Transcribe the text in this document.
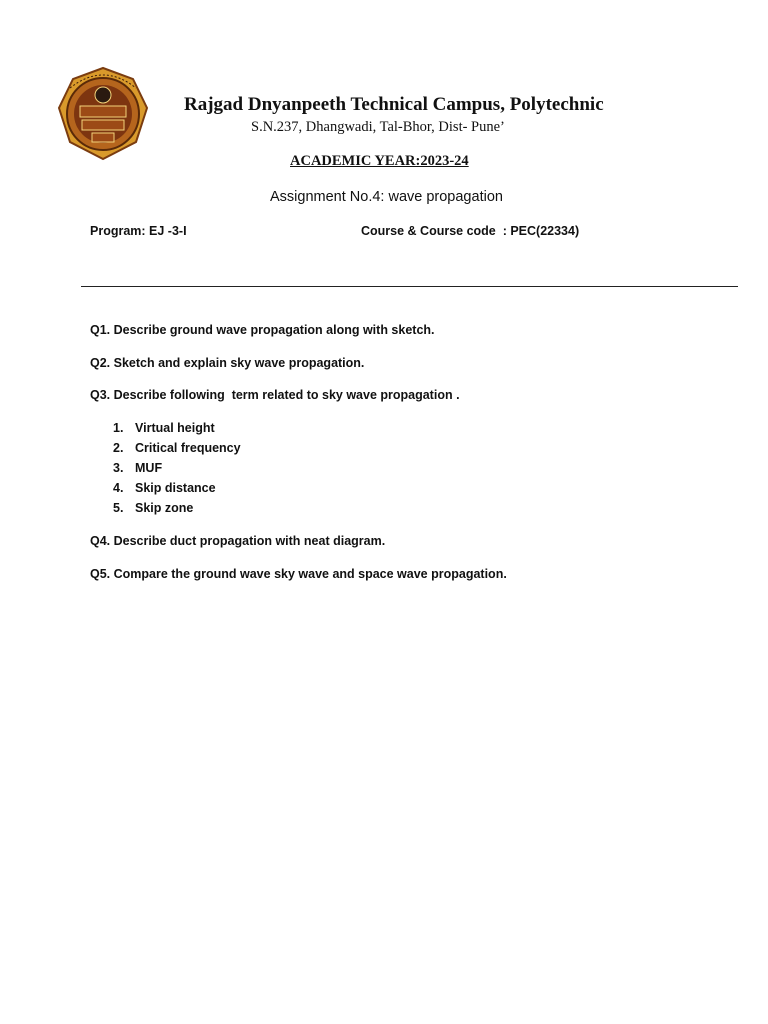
Rajgad Dnyanpeeth Technical Campus, Polytechnic
S.N.237, Dhangwadi, Tal-Bhor, Dist- Pune’
ACADEMIC YEAR:2023-24
Assignment No.4: wave propagation
Program: EJ -3-I	Course & Course code  : PEC(22334)
Q1. Describe ground wave propagation along with sketch.
Q2. Sketch and explain sky wave propagation.
Q3. Describe following  term related to sky wave propagation .
1. Virtual height
2. Critical frequency
3. MUF
4. Skip distance
5. Skip zone
Q4. Describe duct propagation with neat diagram.
Q5. Compare the ground wave sky wave and space wave propagation.
